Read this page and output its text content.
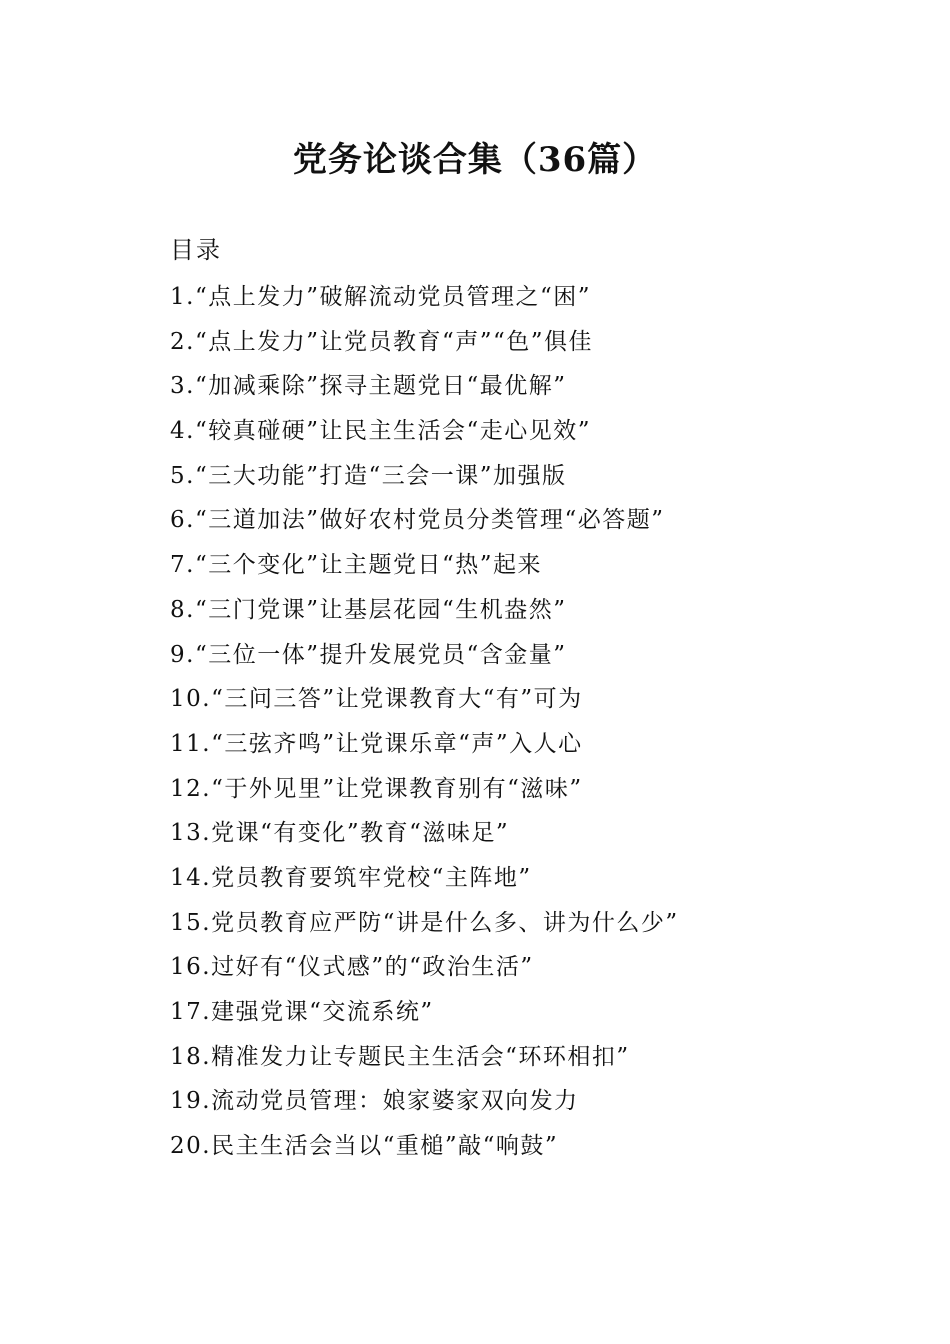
党务论谈合集（36篇）

目录

1.“点上发力”破解流动党员管理之“困”
2.“点上发力”让党员教育“声”“色”俱佳
3.“加减乘除”探寻主题党日“最优解”
4.“较真碰硬”让民主生活会“走心见效”
5.“三大功能”打造“三会一课”加强版
6.“三道加法”做好农村党员分类管理“必答题”
7.“三个变化”让主题党日“热”起来
8.“三门党课”让基层花园“生机盎然”
9.“三位一体”提升发展党员“含金量”
10.“三问三答”让党课教育大“有”可为
11.“三弦齐鸣”让党课乐章“声”入人心
12.“于外见里”让党课教育别有“滋味”
13.党课“有变化”教育“滋味足”
14.党员教育要筑牢党校“主阵地”
15.党员教育应严防“讲是什么多、讲为什么少”
16.过好有“仪式感”的“政治生活”
17.建强党课“交流系统”
18.精准发力让专题民主生活会“环环相扣”
19.流动党员管理：娘家婆家双向发力
20.民主生活会当以“重槌”敲“响鼓”
